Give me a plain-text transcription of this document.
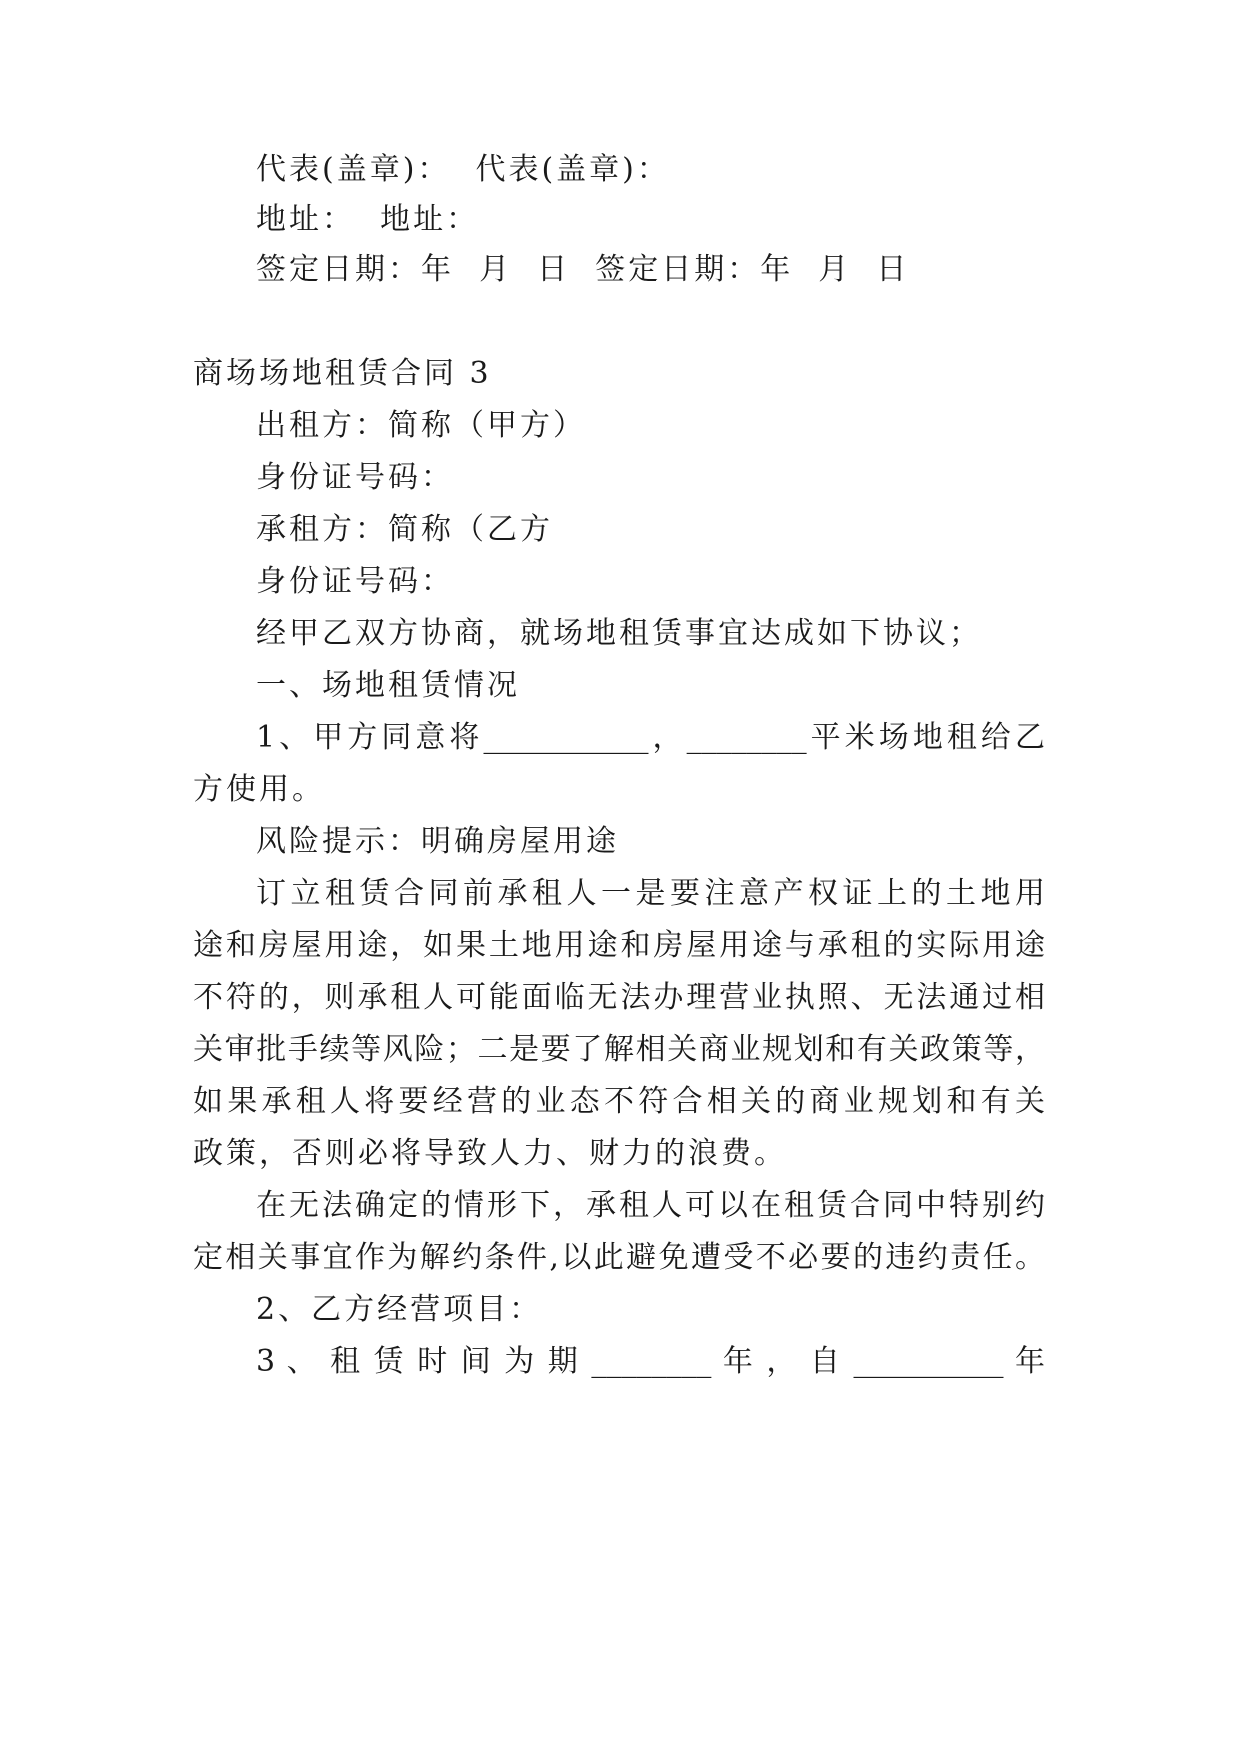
代表(盖章)：  代表(盖章)：
地址：  地址：
签定日期：年  月  日  签定日期：年  月  日
商场场地租赁合同 3
出租方：简称（甲方）
身份证号码：
承租方：简称（乙方
身份证号码：
经甲乙双方协商，就场地租赁事宜达成如下协议；
一、场地租赁情况
1、甲方同意将___________，________平米场地租给乙
方使用。
风险提示：明确房屋用途
订立租赁合同前承租人一是要注意产权证上的土地用
途和房屋用途，如果土地用途和房屋用途与承租的实际用途
不符的，则承租人可能面临无法办理营业执照、无法通过相
关审批手续等风险；二是要了解相关商业规划和有关政策等，
如果承租人将要经营的业态不符合相关的商业规划和有关
政策，否则必将导致人力、财力的浪费。
在无法确定的情形下，承租人可以在租赁合同中特别约
定相关事宜作为解约条件,以此避免遭受不必要的违约责任。
2、乙方经营项目：
3 、 租 赁 时 间 为 期 ________ 年 ， 自 __________ 年
